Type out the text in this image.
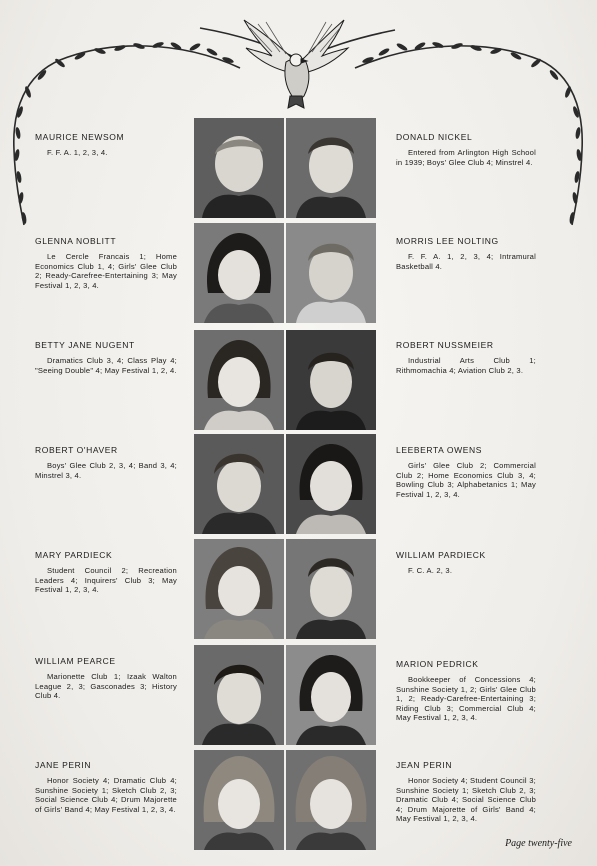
MAURICE NEWSOM
F. F. A. 1, 2, 3, 4.
DONALD NICKEL
Entered from Arlington High School in 1939; Boys' Glee Club 4; Minstrel 4.
GLENNA NOBLITT
Le Cercle Francais 1; Home Economics Club 1, 4; Girls' Glee Club 2; Ready-Carefree-Entertaining 3; May Festival 1, 2, 3, 4.
MORRIS LEE NOLTING
F. F. A. 1, 2, 3, 4; Intramural Basketball 4.
BETTY JANE NUGENT
Dramatics Club 3, 4; Class Play 4; "Seeing Double" 4; May Festival 1, 2, 4.
ROBERT NUSSMEIER
Industrial Arts Club 1; Rithmomachia 4; Aviation Club 2, 3.
ROBERT O'HAVER
Boys' Glee Club 2, 3, 4; Band 3, 4; Minstrel 3, 4.
LEEBERTA OWENS
Girls' Glee Club 2; Commercial Club 2; Home Economics Club 3, 4; Bowling Club 3; Alphabetanics 1; May Festival 1, 2, 3, 4.
MARY PARDIECK
Student Council 2; Recreation Leaders 4; Inquirers' Club 3; May Festival 1, 2, 3, 4.
WILLIAM PARDIECK
F. C. A. 2, 3.
WILLIAM PEARCE
Marionette Club 1; Izaak Walton League 2, 3; Gasconades 3; History Club 4.
MARION PEDRICK
Bookkeeper of Concessions 4; Sunshine Society 1, 2; Girls' Glee Club 1, 2; Ready-Carefree-Entertaining 3; Riding Club 3; Commercial Club 4; May Festival 1, 2, 3, 4.
JANE PERIN
Honor Society 4; Dramatic Club 4; Sunshine Society 1; Sketch Club 2, 3; Social Science Club 4; Drum Majorette of Girls' Band 4; May Festival 1, 2, 3, 4.
JEAN PERIN
Honor Society 4; Student Council 3; Sunshine Society 1; Sketch Club 2, 3; Dramatic Club 4; Social Science Club 4; Drum Majorette of Girls' Band 4; May Festival 1, 2, 3, 4.
Page twenty-five
